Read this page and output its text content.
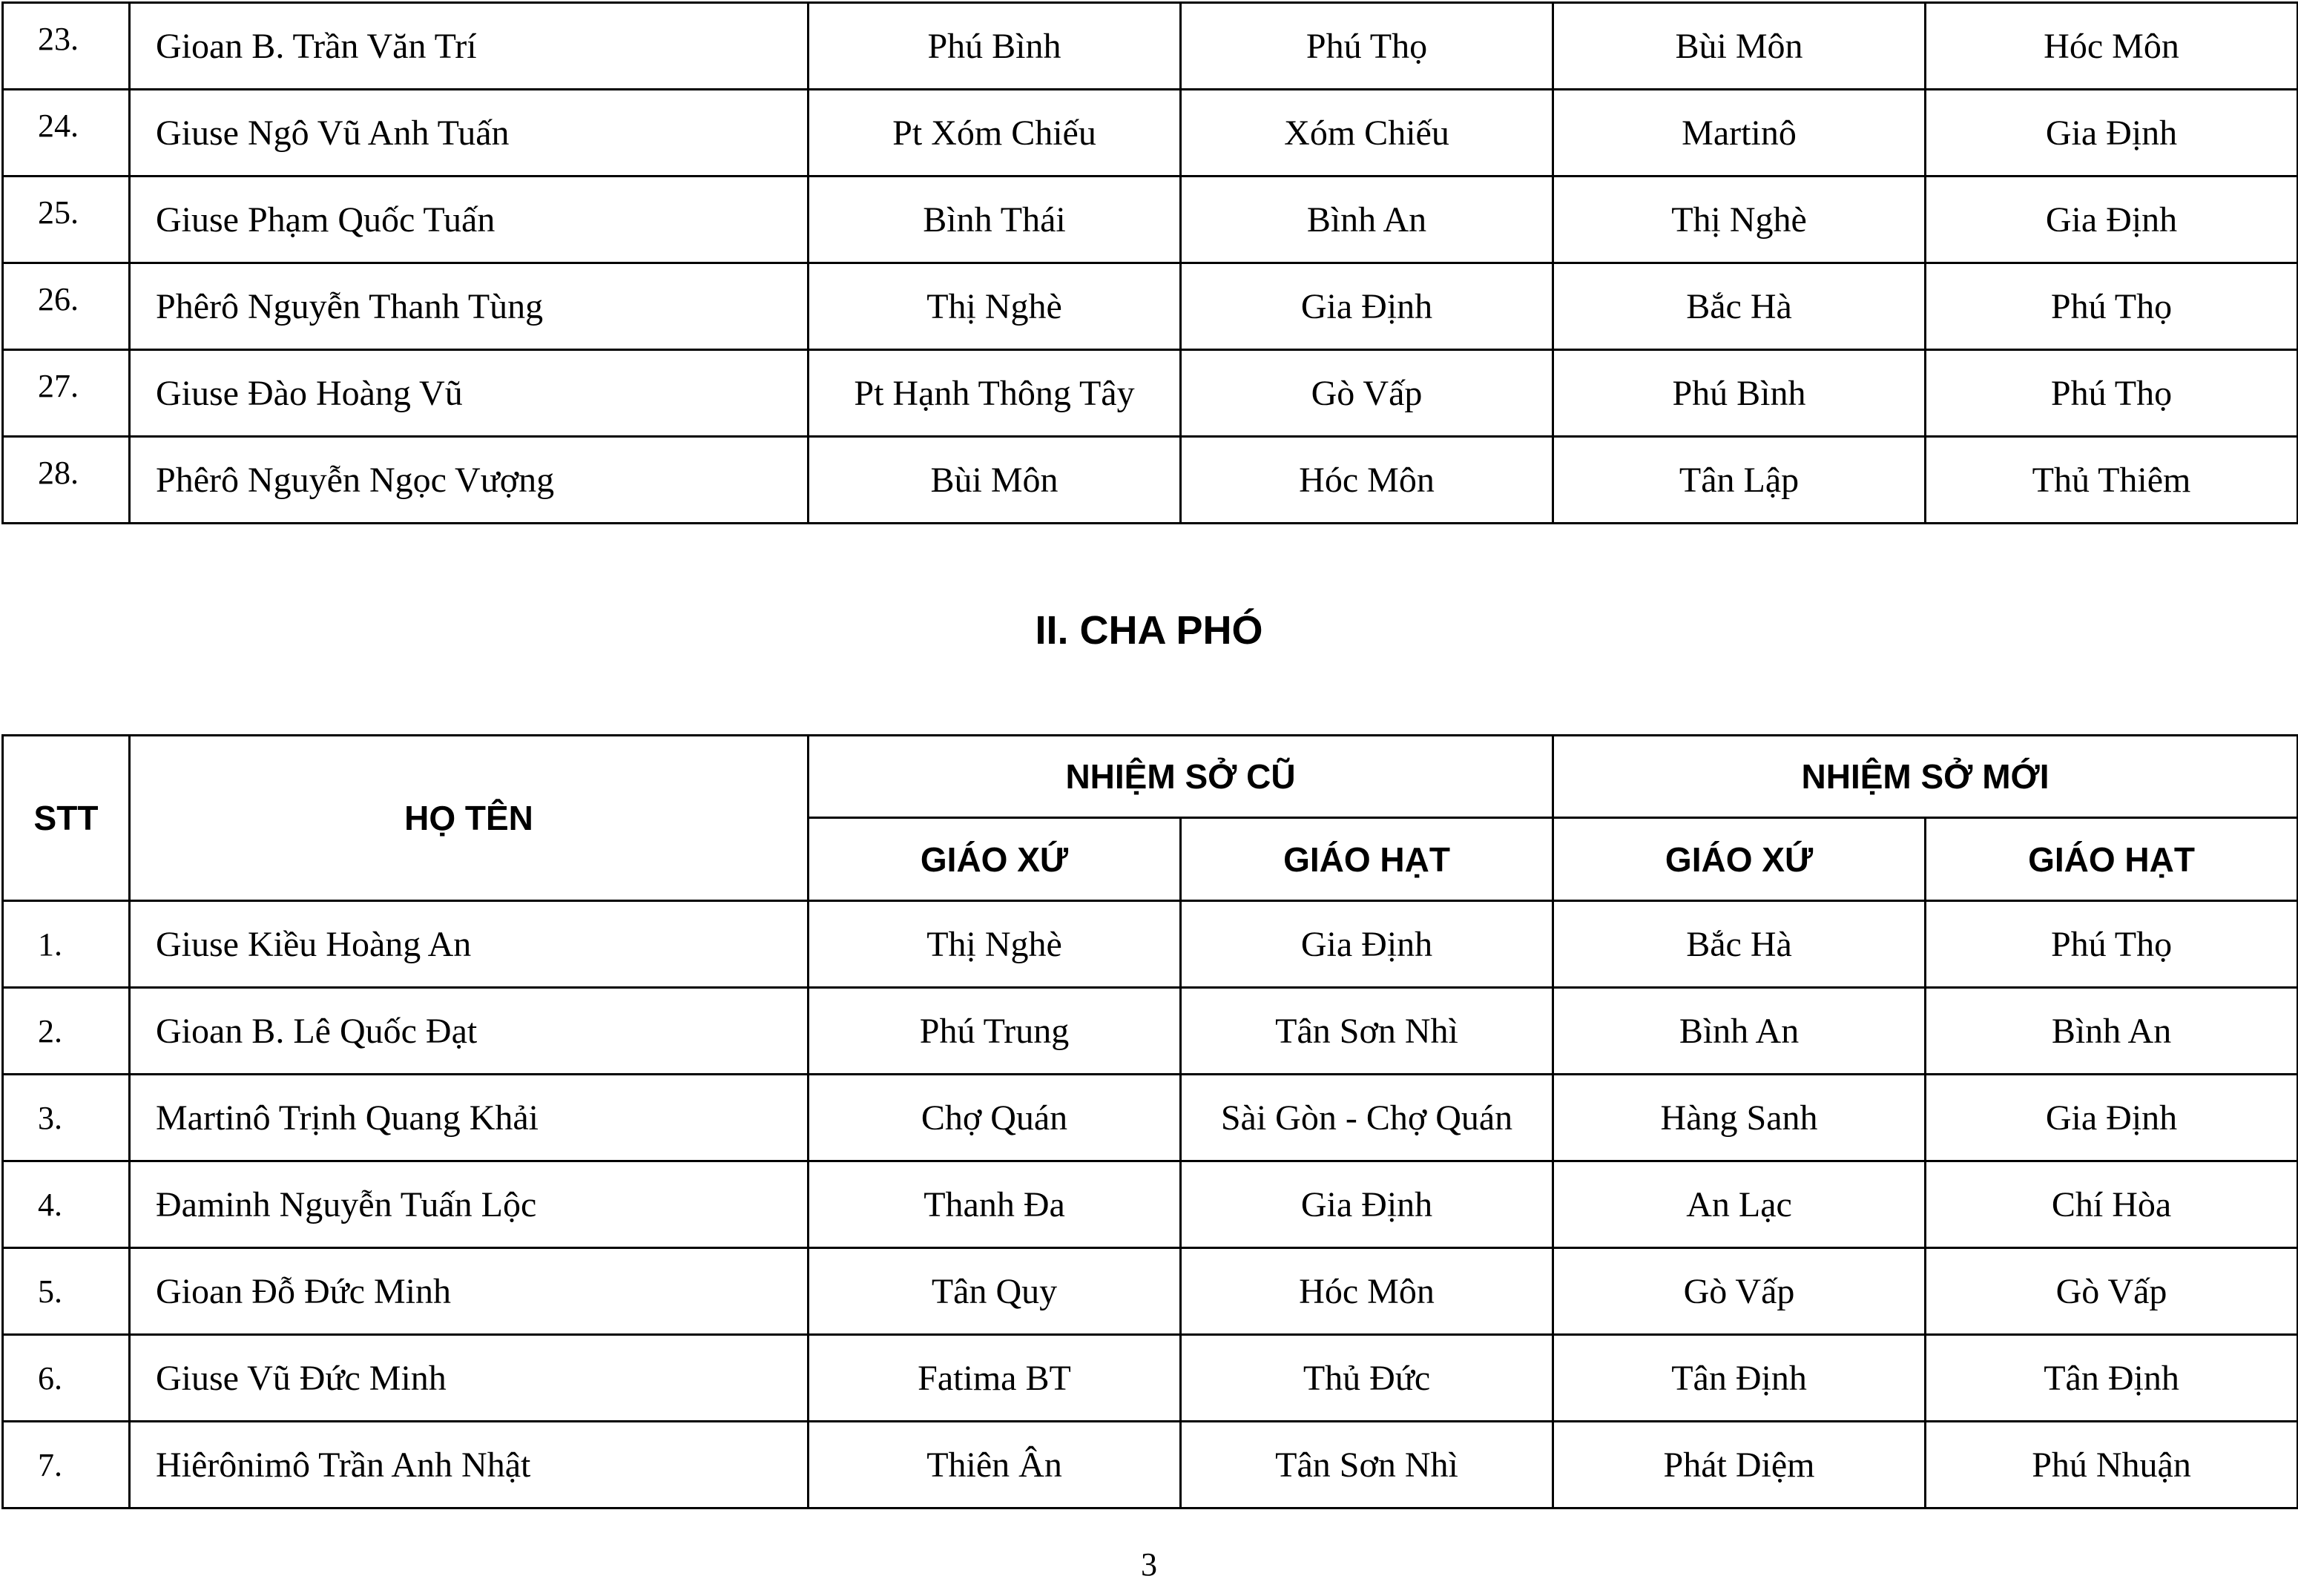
23.	Gioan B. Trần Văn Trí	Phú Bình	Phú Thọ	Bùi Môn	Hóc Môn
24.	Giuse Ngô Vũ Anh Tuấn	Pt Xóm Chiếu	Xóm Chiếu	Martinô	Gia Định
25.	Giuse Phạm Quốc Tuấn	Bình Thái	Bình An	Thị Nghè	Gia Định
26.	Phêrô Nguyễn Thanh Tùng	Thị Nghè	Gia Định	Bắc Hà	Phú Thọ
27.	Giuse Đào Hoàng Vũ	Pt Hạnh Thông Tây	Gò Vấp	Phú Bình	Phú Thọ
28.	Phêrô Nguyễn Ngọc Vượng	Bùi Môn	Hóc Môn	Tân Lập	Thủ Thiêm
II. CHA PHÓ
STT	HỌ TÊN	NHIỆM SỞ CŨ		NHIỆM SỞ MỚI	
		GIÁO XỨ	GIÁO HẠT	GIÁO XỨ	GIÁO HẠT
1.	Giuse Kiều Hoàng An	Thị Nghè	Gia Định	Bắc Hà	Phú Thọ
2.	Gioan B. Lê Quốc Đạt	Phú Trung	Tân Sơn Nhì	Bình An	Bình An
3.	Martinô Trịnh Quang Khải	Chợ Quán	Sài Gòn - Chợ Quán	Hàng Sanh	Gia Định
4.	Đaminh Nguyễn Tuấn Lộc	Thanh Đa	Gia Định	An Lạc	Chí Hòa
5.	Gioan Đỗ Đức Minh	Tân Quy	Hóc Môn	Gò Vấp	Gò Vấp
6.	Giuse Vũ Đức Minh	Fatima BT	Thủ Đức	Tân Định	Tân Định
7.	Hiêrônimô Trần Anh Nhật	Thiên Ân	Tân Sơn Nhì	Phát Diệm	Phú Nhuận
3
